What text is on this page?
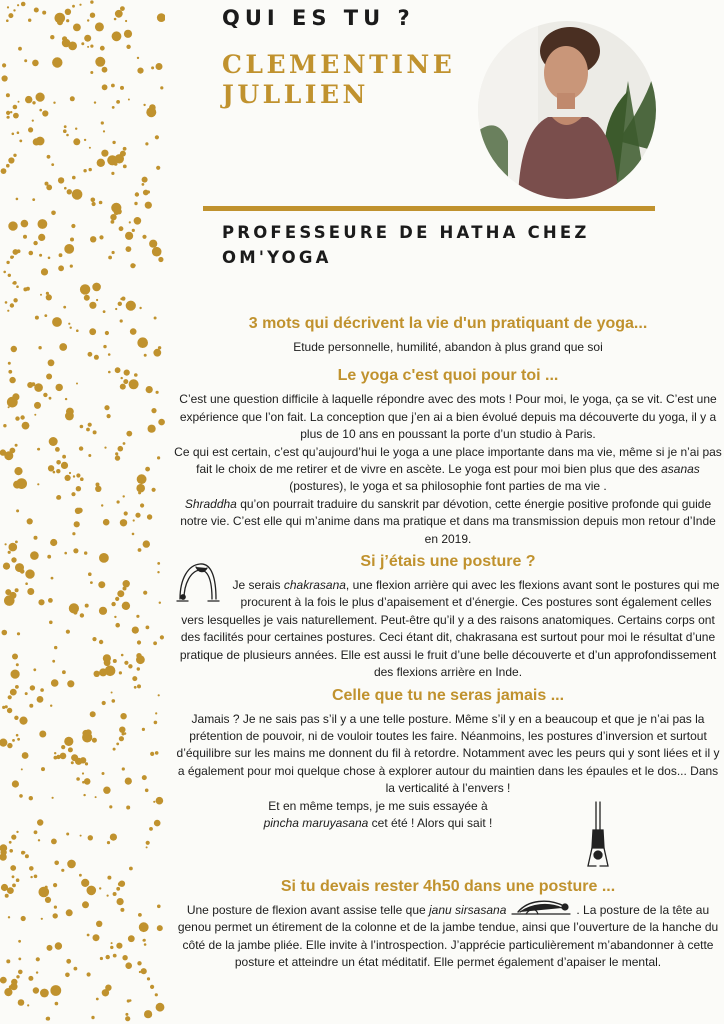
QUI ES TU ?
CLEMENTINE JULLIEN
PROFESSEURE DE HATHA CHEZ OM'YOGA
3 mots qui décrivent la vie d'un pratiquant de yoga...

Etude personnelle, humilité, abandon à plus grand que soi

Le yoga c'est quoi pour toi ...

C’est une question difficile à laquelle répondre avec des mots ! Pour moi, le yoga, ça se vit. C’est une expérience que l’on fait. La conception que j’en ai a bien évolué depuis ma découverte du yoga, il y a plus de 10 ans en poussant la porte d’un studio à Paris.

Ce qui est certain, c’est qu’aujourd’hui le yoga a une place importante dans ma vie, même si je n’ai pas fait le choix de me retirer et de vivre en ascète. Le yoga est pour moi bien plus que des asanas (postures), le yoga et sa philosophie font parties de ma vie .

Shraddha qu’on pourrait traduire du sanskrit par dévotion, cette énergie positive profonde qui guide notre vie. C’est elle qui m’anime dans ma pratique et dans ma transmission depuis mon retour d’Inde en 2019.

Si j’étais une posture ?

Je serais chakrasana, une flexion arrière qui avec les flexions avant sont le postures qui me procurent à la fois le plus d’apaisement et d’énergie. Ces postures sont également celles vers lesquelles je vais naturellement. Peut-être qu’il y a des raisons anatomiques. Certains corps ont des facilités pour certaines postures. Ceci étant dit, chakrasana est surtout pour moi le résultat d’une pratique de plusieurs années. Elle est aussi le fruit d’une belle découverte et d’un approfondissement des flexions arrière en Inde.

Celle que tu ne seras jamais ...

Jamais ? Je ne sais pas s’il y a une telle posture. Même s’il y en a beaucoup et que je n’ai pas la prétention de pouvoir, ni de vouloir toutes les faire. Néanmoins, les postures d’inversion et surtout d’équilibre sur les mains me donnent du fil à retordre. Notamment avec les peurs qui y sont liées et il y a également pour moi quelque chose à explorer autour du maintien dans les épaules et le dos... Dans la verticalité à l’envers !

Et en même temps, je me suis essayée à

pincha maruyasana cet été ! Alors qui sait !

Si tu devais rester 4h50 dans une posture ...

Une posture de flexion avant assise telle que janu sirsasana	. La posture de la tête au genou permet un étirement de la colonne et de la jambe tendue, ainsi que l’ouverture de la hanche du côté de la jambe pliée. Elle invite à l’introspection. J’apprécie particulièrement m’abandonner à cette posture et atteindre un état méditatif. Elle permet également d’apaiser le mental.
